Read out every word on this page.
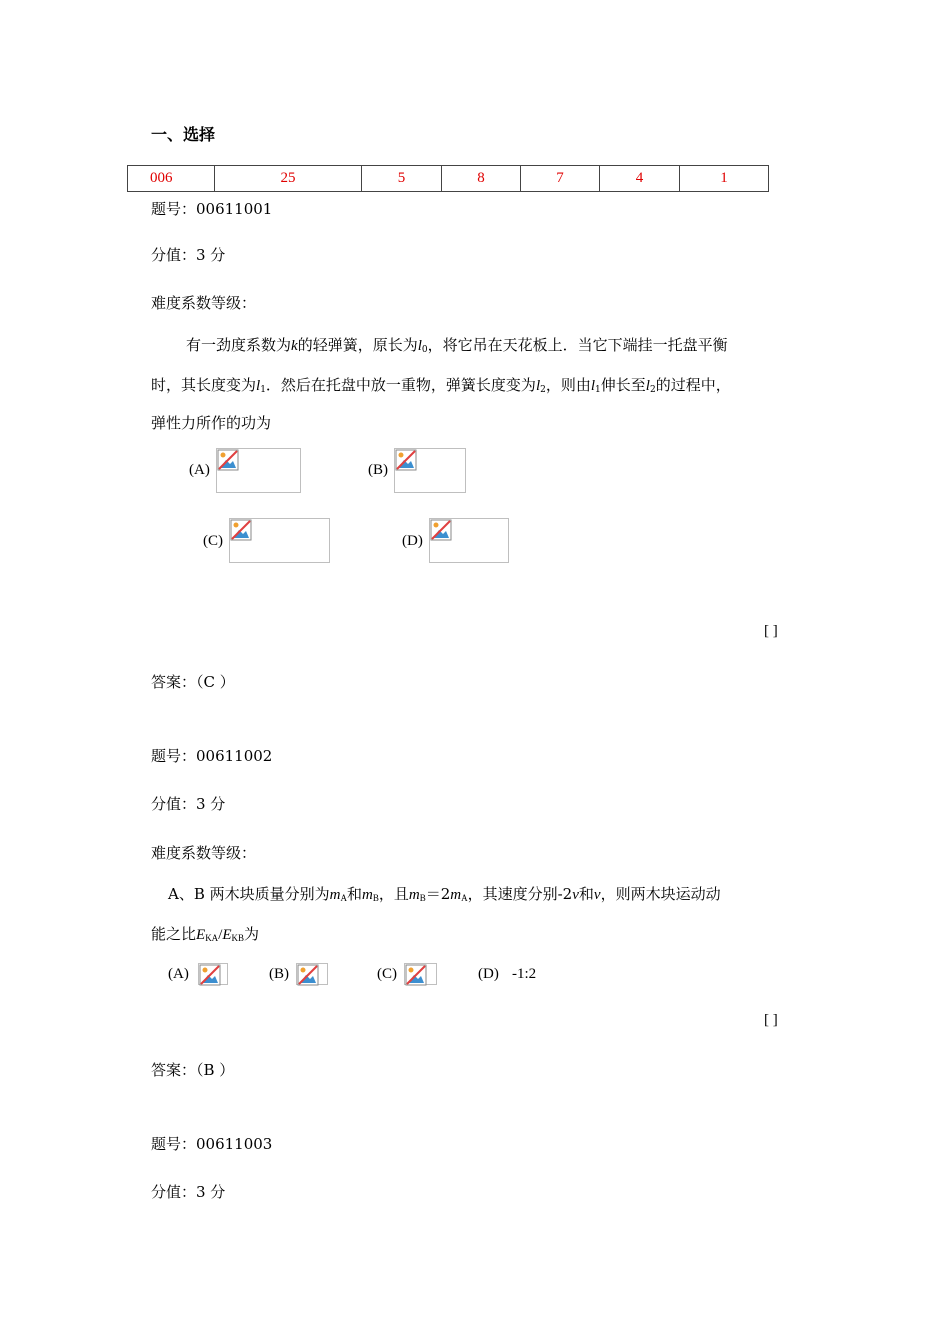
一、选择
006	25	5	8	7	4	1
题号：00611001
分值：3 分
难度系数等级：
有一劲度系数为k的轻弹簧，原长为$l_0$，将它吊在天花板上．当它下端挂一托盘平衡
时，其长度变为$l_1$．然后在托盘中放一重物，弹簧长度变为$l_2$，则由$l_1$伸长至$l_2$的过程中，
弹性力所作的功为
(A)	(B)
(C)	(D)
[ ]
答案：（C ）
题号：00611002
分值：3 分
难度系数等级：
A、B 两木块质量分别为$m_A$和$m_B$，且$m_B=2m_A$，其速度分别-2v和v，则两木块运动动
能之比$E_{KA}/E_{KB}$为
(A)	(B)	(C)	(D) -1:2
[ ]
答案：（B ）
题号：00611003
分值：3 分
